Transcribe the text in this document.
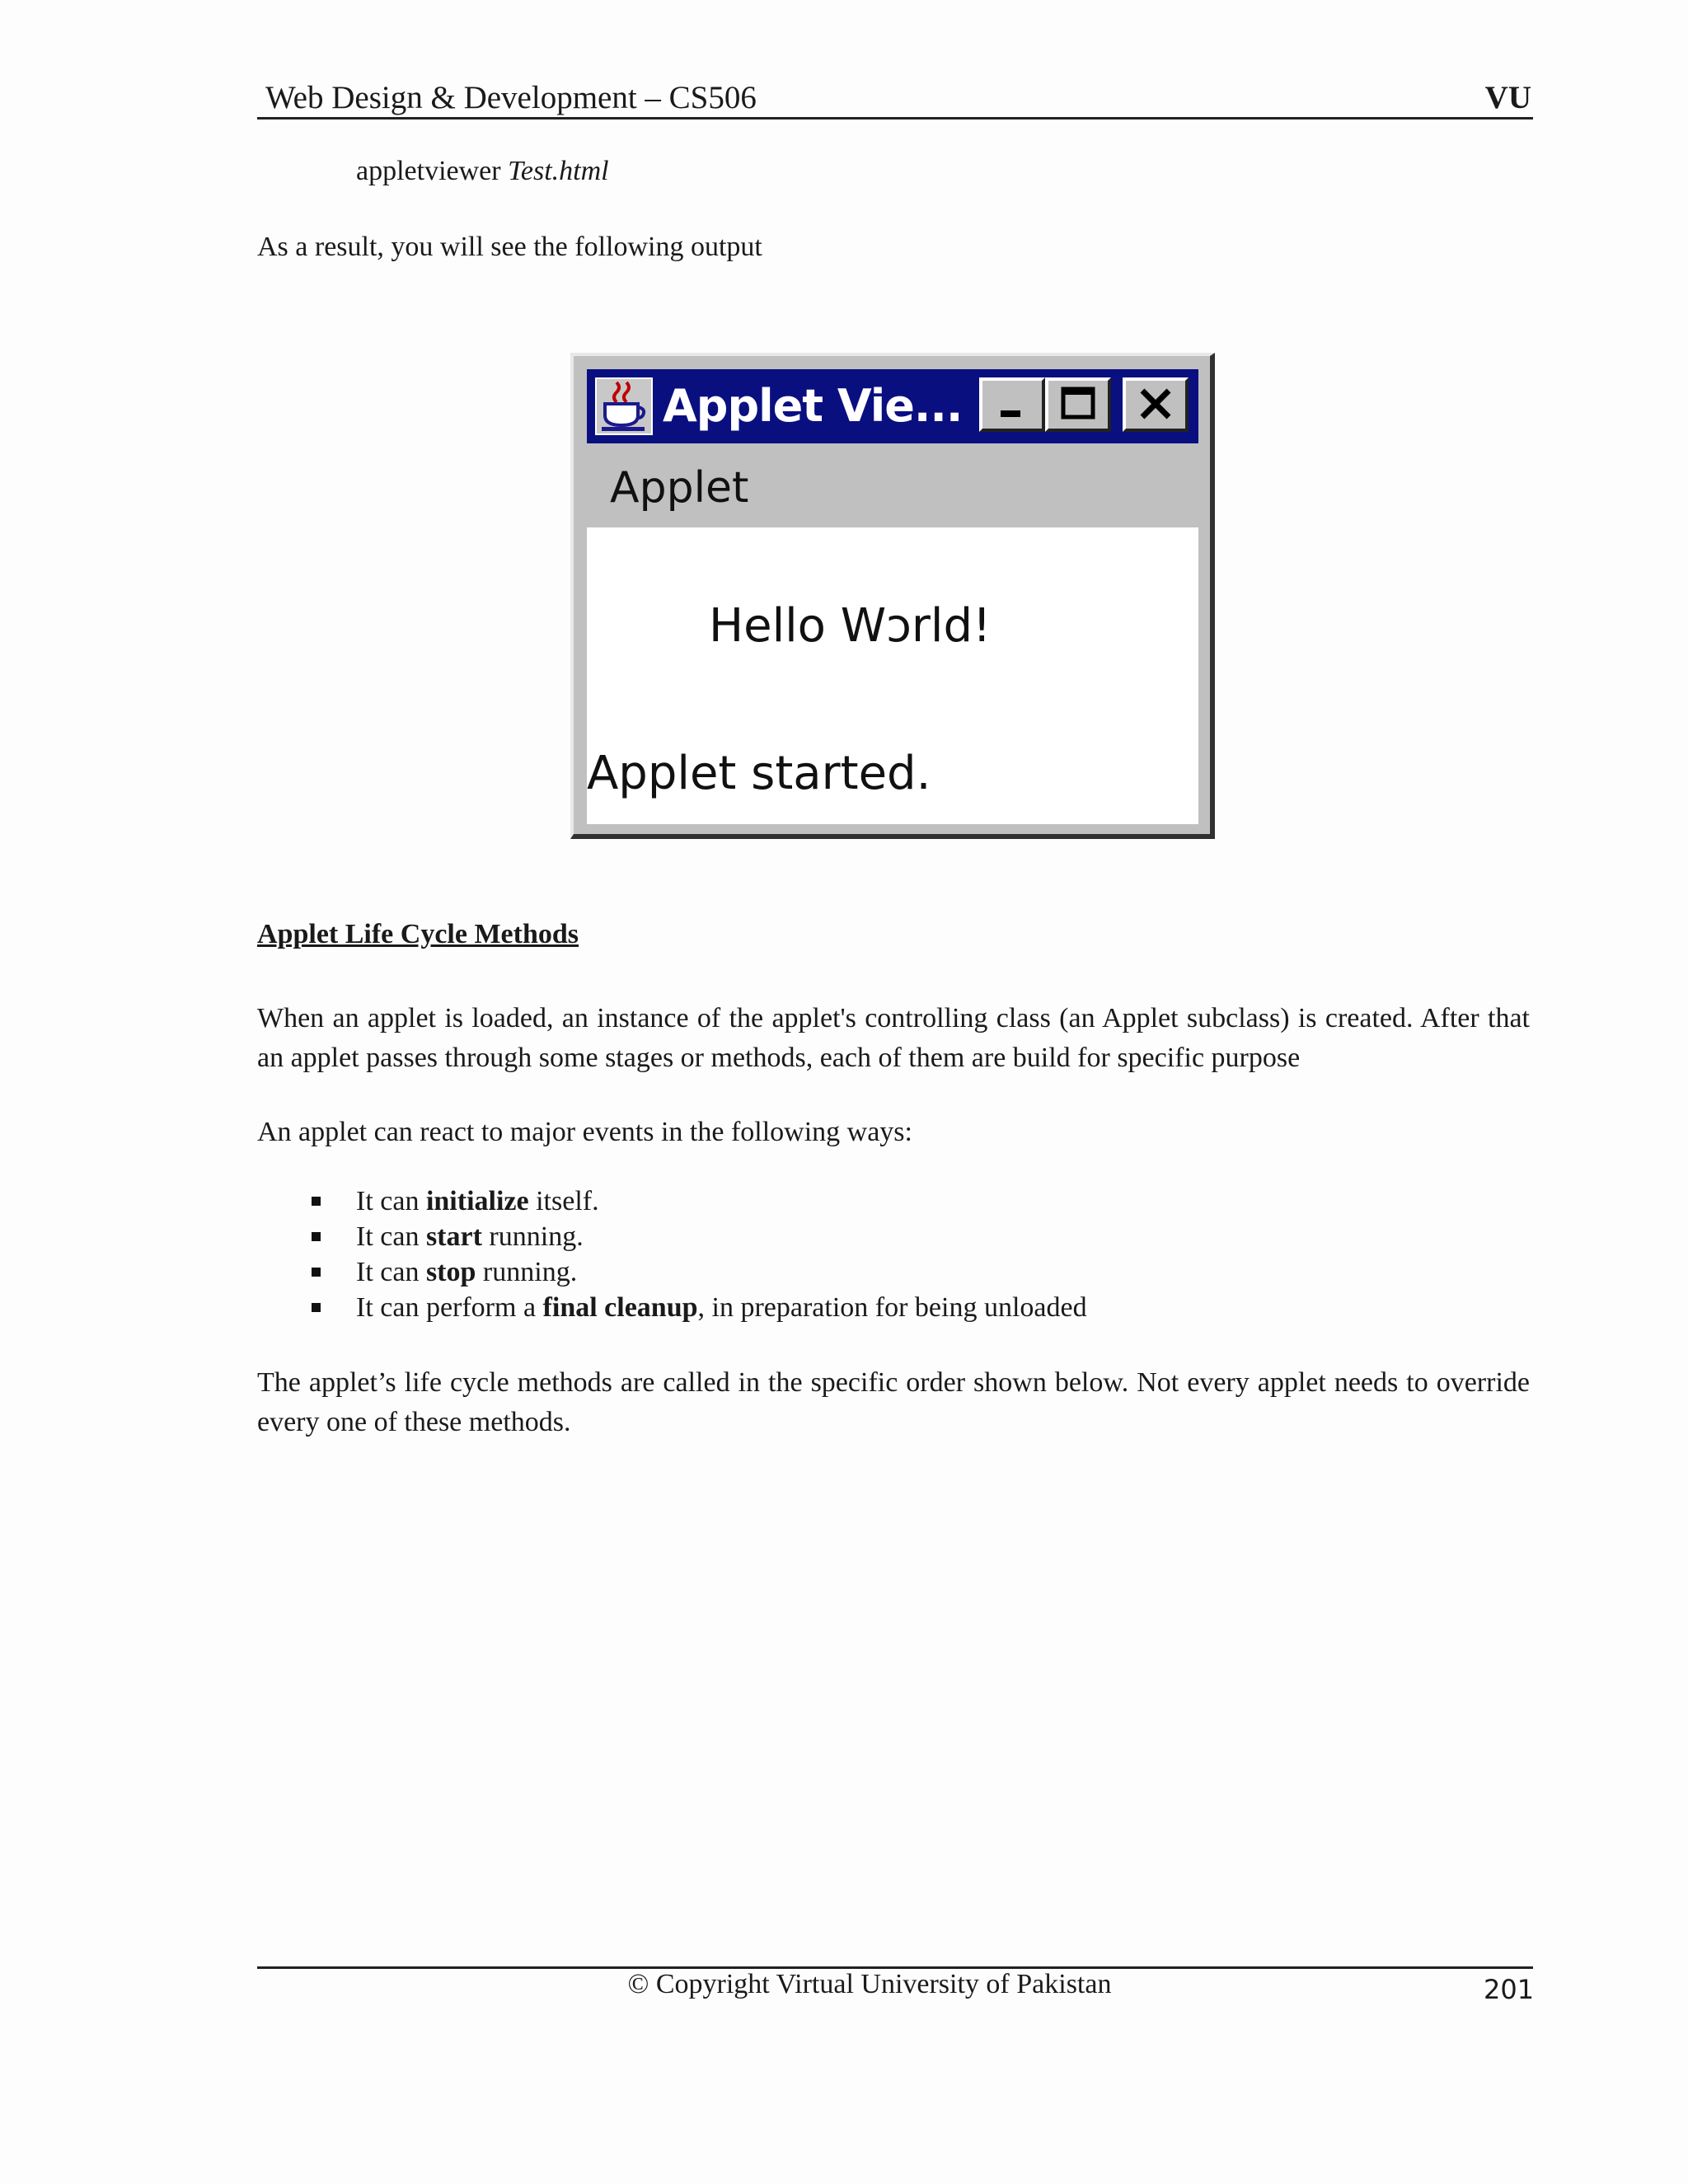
Web Design & Development – CS506	VU
appletviewer Test.html
As a result, you will see the following output
Applet Vie...
Applet
Hello Wɔrld!
Applet started.
Applet Life Cycle Methods
When an applet is loaded, an instance of the applet's controlling class (an Applet subclass) is created. After that an applet passes through some stages or methods, each of them are build for specific purpose
An applet can react to major events in the following ways:
It can initialize itself.
It can start running.
It can stop running.
It can perform a final cleanup, in preparation for being unloaded
The applet’s life cycle methods are called in the specific order shown below. Not every applet needs to override every one of these methods.
© Copyright Virtual University of Pakistan	201
